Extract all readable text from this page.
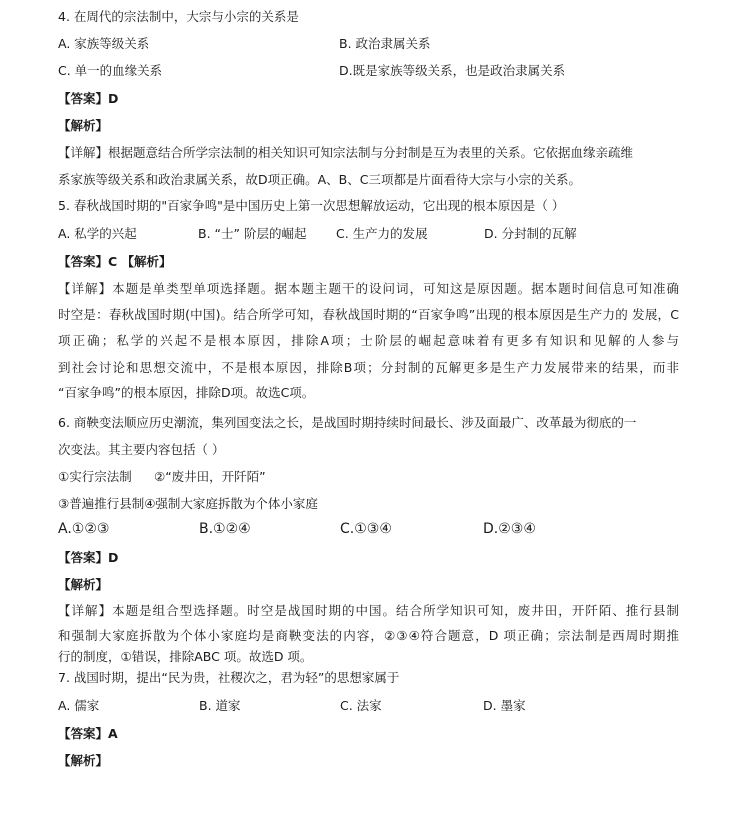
4. 在周代的宗法制中，大宗与小宗的关系是

A. 家族等级关系	B. 政治隶属关系
C. 单一的血缘关系	D.既是家族等级关系，也是政治隶属关系

【答案】D

【解析】

【详解】根据题意结合所学宗法制的相关知识可知宗法制与分封制是互为表里的关系。它依据血缘亲疏维

系家族等级关系和政治隶属关系，故D项正确。A、B、C三项都是片面看待大宗与小宗的关系。

5. 春秋战国时期的"百家争鸣"是中国历史上第一次思想解放运动，它出现的根本原因是（ ）

A. 私学的兴起	B. “士” 阶层的崛起 C. 生产力的发展	D. 分封制的瓦解

【答案】C 【解析】

【详解】本题是单类型单项选择题。据本题主题干的设问词，可知这是原因题。据本题时间信息可知准确

时空是：春秋战国时期(中国)。结合所学可知，春秋战国时期的“百家争鸣”出现的根本原因是生产力的 发展，C

项正确；私学的兴起不是根本原因，排除A项；士阶层的崛起意味着有更多有知识和见解的人参与

到社会讨论和思想交流中，不是根本原因，排除B项；分封制的瓦解更多是生产力发展带来的结果，而非

“百家争鸣”的根本原因，排除D项。故选C项。

6. 商鞅变法顺应历史潮流，集列国变法之长，是战国时期持续时间最长、涉及面最广、改革最为彻底的一

次变法。其主要内容包括（ ）

①实行宗法制 ②“废井田，开阡陌”

③普遍推行县制④强制大家庭拆散为个体小家庭

A.①②③	B.①②④	C.①③④	D.②③④

【答案】D

【解析】

【详解】本题是组合型选择题。时空是战国时期的中国。结合所学知识可知，废井田，开阡陌、推行县制

和强制大家庭拆散为个体小家庭均是商鞅变法的内容，②③④符合题意，D 项正确；宗法制是西周时期推

行的制度，①错误，排除ABC 项。故选D 项。

7. 战国时期，提出“民为贵，社稷次之，君为轻”的思想家属于

A. 儒家	B. 道家	C. 法家	D. 墨家

【答案】A

【解析】
